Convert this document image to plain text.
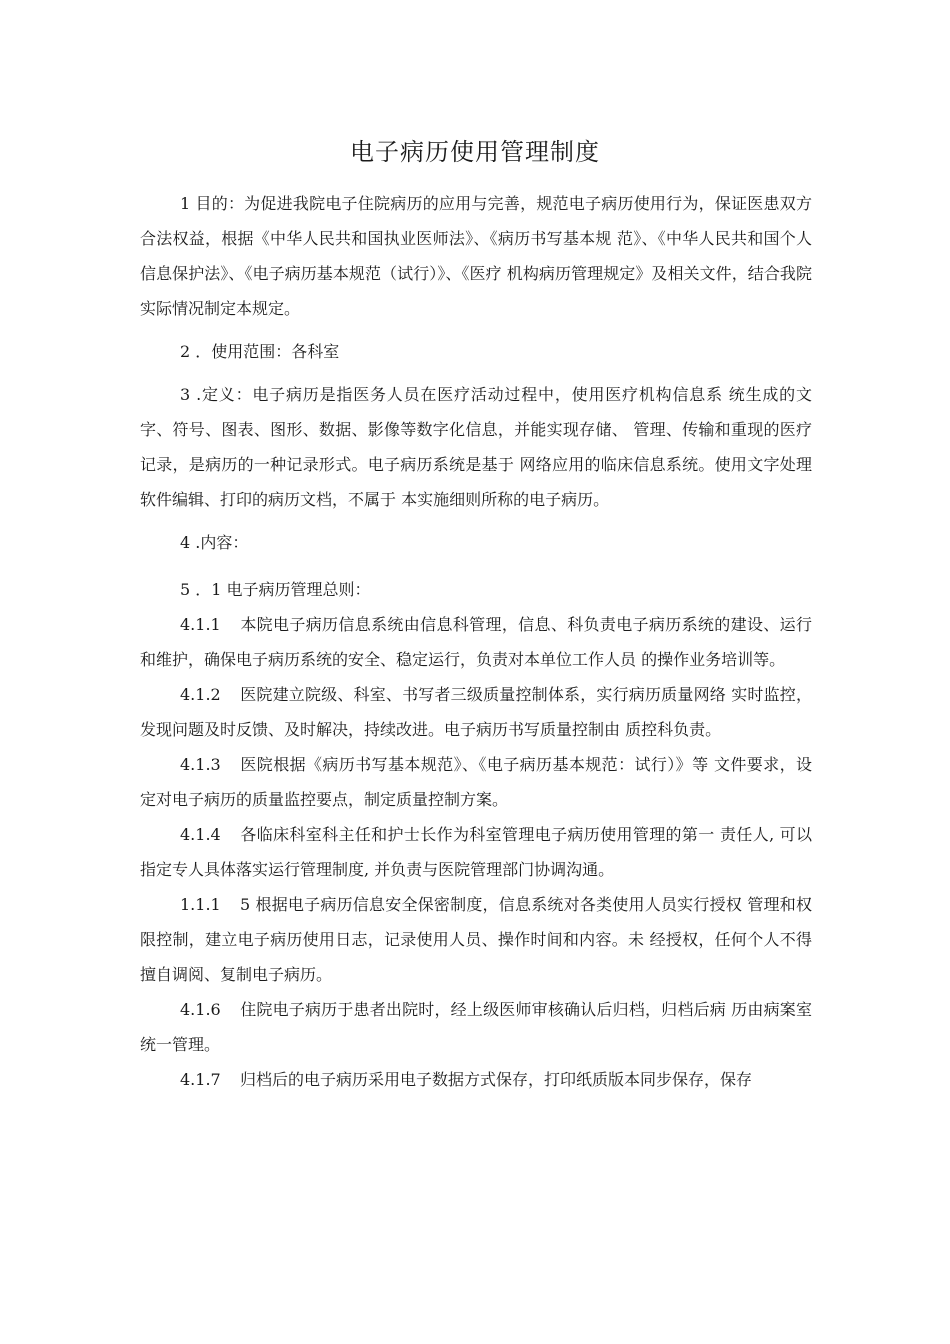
电子病历使用管理制度

1 目的：为促进我院电子住院病历的应用与完善，规范电子病历使用行为，保证医患双方合法权益，根据《中华人民共和国执业医师法》、《病历书写基本规 范》、《中华人民共和国个人信息保护法》、《电子病历基本规范（试行）》、《医疗 机构病历管理规定》及相关文件，结合我院实际情况制定本规定。

2 ．使用范围：各科室

3 .定义：电子病历是指医务人员在医疗活动过程中，使用医疗机构信息系 统生成的文字、符号、图表、图形、数据、影像等数字化信息，并能实现存储、 管理、传输和重现的医疗记录，是病历的一种记录形式。电子病历系统是基于 网络应用的临床信息系统。使用文字处理软件编辑、打印的病历文档，不属于 本实施细则所称的电子病历。

4 .内容：

5 ．1 电子病历管理总则：

4.1.1 本院电子病历信息系统由信息科管理，信息、科负责电子病历系统的建设、运行和维护，确保电子病历系统的安全、稳定运行，负责对本单位工作人员 的操作业务培训等。

4.1.2 医院建立院级、科室、书写者三级质量控制体系，实行病历质量网络 实时监控，发现问题及时反馈、及时解决，持续改进。电子病历书写质量控制由 质控科负责。

4.1.3 医院根据《病历书写基本规范》、《电子病历基本规范：试行）》等 文件要求，设定对电子病历的质量监控要点，制定质量控制方案。

4.1.4 各临床科室科主任和护士长作为科室管理电子病历使用管理的第一 责任人, 可以指定专人具体落实运行管理制度, 并负责与医院管理部门协调沟通。

1.1.1 5 根据电子病历信息安全保密制度，信息系统对各类使用人员实行授权 管理和权限控制，建立电子病历使用日志，记录使用人员、操作时间和内容。未 经授权，任何个人不得擅自调阅、复制电子病历。

4.1.6 住院电子病历于患者出院时，经上级医师审核确认后归档，归档后病 历由病案室统一管理。

4.1.7 归档后的电子病历采用电子数据方式保存，打印纸质版本同步保存，保存
